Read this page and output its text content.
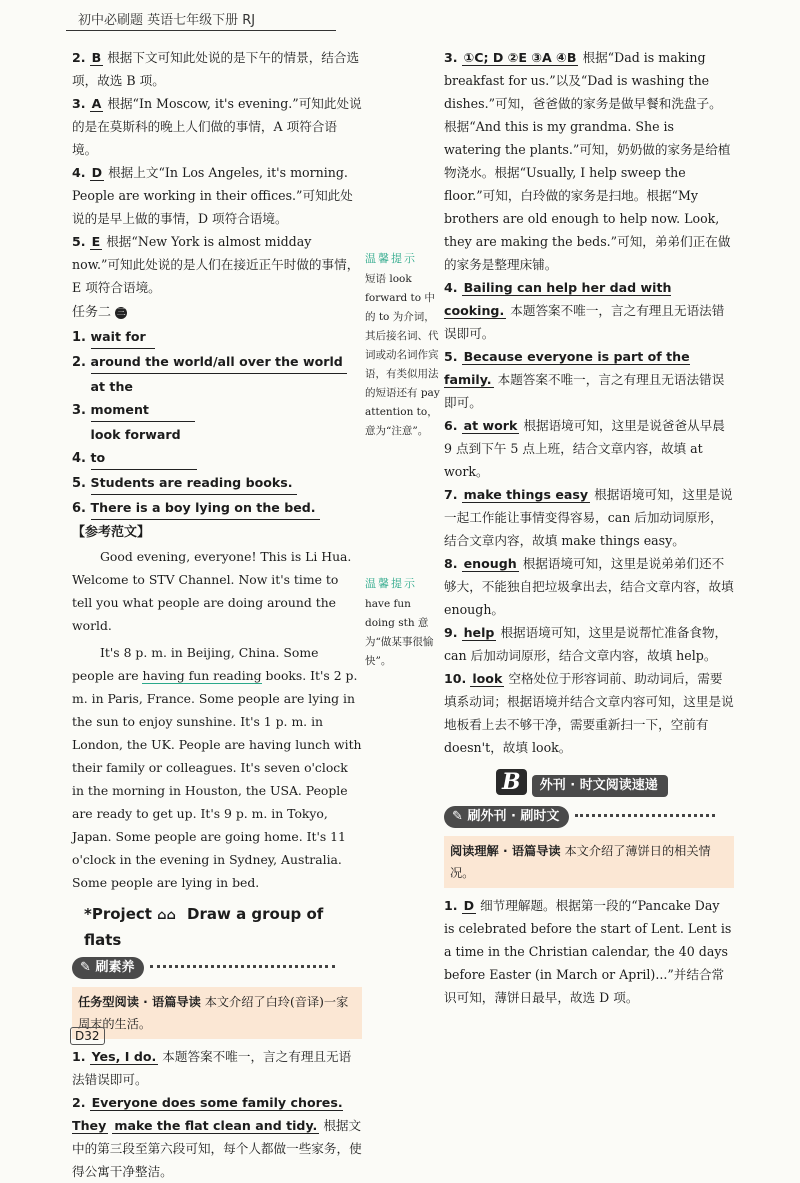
初中必刷题 英语七年级下册 RJ
2. B 根据下文可知此处说的是下午的情景，结合选项，故选 B 项。
3. A 根据“In Moscow, it's evening.”可知此处说的是在莫斯科的晚上人们做的事情，A 项符合语境。
4. D 根据上文“In Los Angeles, it's morning. People are working in their offices.”可知此处说的是早上做的事情，D 项符合语境。
5. E 根据“New York is almost midday now.”可知此处说的是人们在接近正午时做的事情，E 项符合语境。
任务二 三
1. wait for
2. around the world/all over the world
3. at the moment
4. look forward to
5. Students are reading books.
6. There is a boy lying on the bed.
【参考范文】

Good evening, everyone! This is Li Hua. Welcome to STV Channel. Now it's time to tell you what people are doing around the world.

It's 8 p. m. in Beijing, China. Some people are having fun reading books. It's 2 p. m. in Paris, France. Some people are lying in the sun to enjoy sunshine. It's 1 p. m. in London, the UK. People are having lunch with their family or colleagues. It's seven o'clock in the morning in Houston, the USA. People are ready to get up. It's 9 p. m. in Tokyo, Japan. Some people are going home. It's 11 o'clock in the evening in Sydney, Australia. Some people are lying in bed.

*Project ⌂⌂ Draw a group of flats
✎ 刷素养
任务型阅读 · 语篇导读 本文介绍了白玲(音译)一家周末的生活。
1. Yes, I do. 本题答案不唯一，言之有理且无语法错误即可。
2. Everyone does some family chores. They make the flat clean and tidy. 根据文中的第三段至第六段可知，每个人都做一些家务，使得公寓干净整洁。
温馨提示
短语 look forward to 中的 to 为介词，其后接名词、代词或动名词作宾语，有类似用法的短语还有 pay attention to，意为“注意”。
温馨提示
have fun doing sth 意为“做某事很愉快”。
3. ①C; D ②E ③A ④B 根据“Dad is making breakfast for us.”以及“Dad is washing the dishes.”可知，爸爸做的家务是做早餐和洗盘子。根据“And this is my grandma. She is watering the plants.”可知，奶奶做的家务是给植物浇水。根据“Usually, I help sweep the floor.”可知，白玲做的家务是扫地。根据“My brothers are old enough to help now. Look, they are making the beds.”可知，弟弟们正在做的家务是整理床铺。
4. Bailing can help her dad with cooking. 本题答案不唯一，言之有理且无语法错误即可。
5. Because everyone is part of the family. 本题答案不唯一，言之有理且无语法错误即可。
6. at work 根据语境可知，这里是说爸爸从早晨 9 点到下午 5 点上班，结合文章内容，故填 at work。
7. make things easy 根据语境可知，这里是说一起工作能让事情变得容易，can 后加动词原形，结合文章内容，故填 make things easy。
8. enough 根据语境可知，这里是说弟弟们还不够大，不能独自把垃圾拿出去，结合文章内容，故填 enough。
9. help 根据语境可知，这里是说帮忙准备食物，can 后加动词原形，结合文章内容，故填 help。
10. look 空格处位于形容词前、助动词后，需要填系动词；根据语境并结合文章内容可知，这里是说地板看上去不够干净，需要重新扫一下，空前有 doesn't，故填 look。
B 外刊 · 时文阅读速递
✎ 刷外刊 · 刷时文
阅读理解 · 语篇导读 本文介绍了薄饼日的相关情况。
1. D 细节理解题。根据第一段的“Pancake Day is celebrated before the start of Lent. Lent is a time in the Christian calendar, the 40 days before Easter (in March or April)...”并结合常识可知，薄饼日最早，故选 D 项。
D32
